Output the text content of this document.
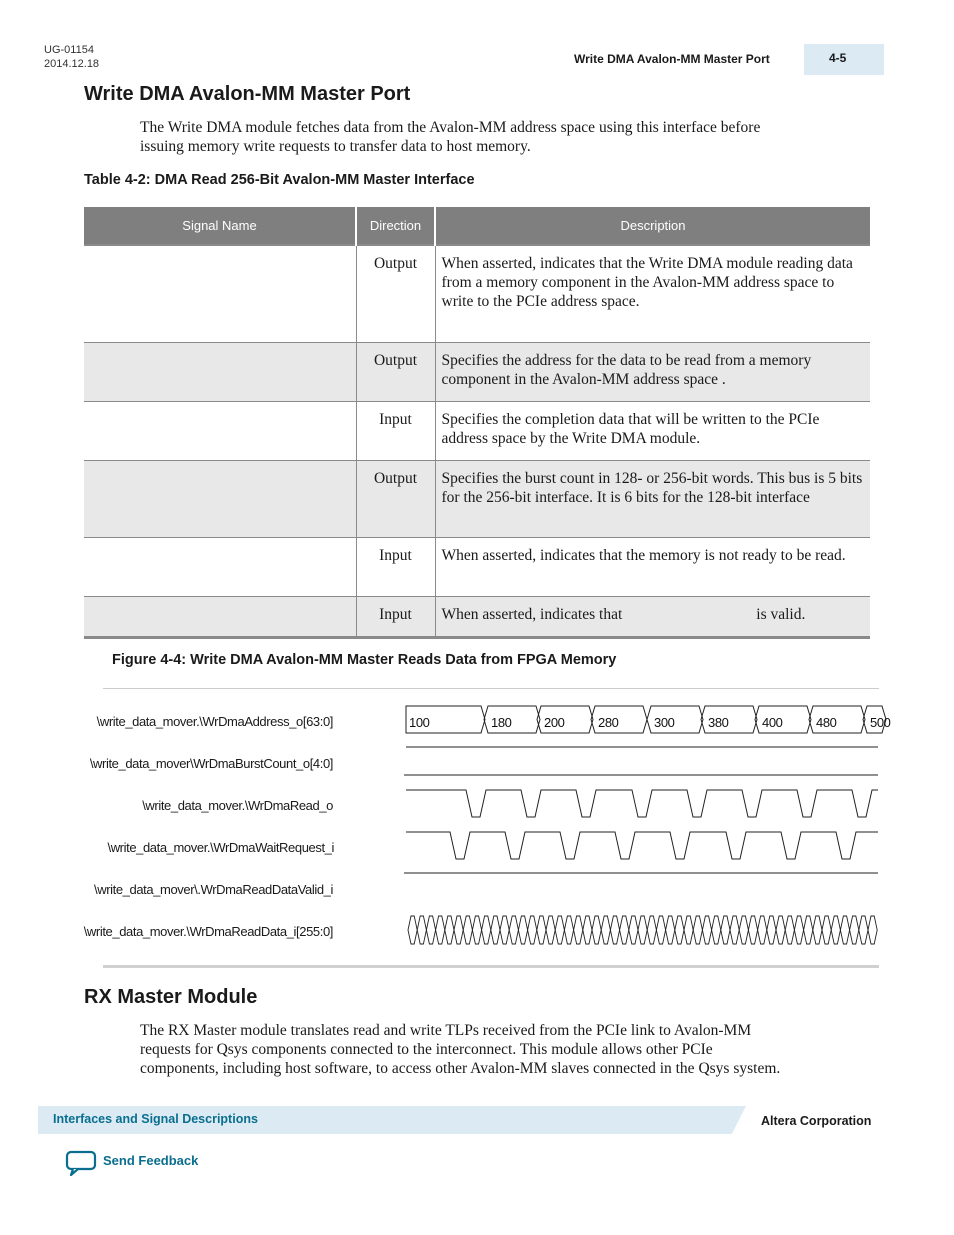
UG-01154
2014.12.18	Write DMA Avalon-MM Master Port	4-5
Write DMA Avalon-MM Master Port
The Write DMA module fetches data from the Avalon-MM address space using this interface before
issuing memory write requests to transfer data to host memory.
Table 4-2: DMA Read 256-Bit Avalon-MM Master Interface
Signal Name	Direction	Description
	Output	When asserted, indicates that the Write DMA module reading data from a memory component in the Avalon-MM address space to write to the PCIe address space.
	Output	Specifies the address for the data to be read from a memory component in the Avalon-MM address space .
	Input	Specifies the completion data that will be written to the PCIe address space by the Write DMA module.
	Output	Specifies the burst count in 128- or 256-bit words. This bus is 5 bits for the 256-bit interface. It is 6 bits for the 128-bit interface
	Input	When asserted, indicates that the memory is not ready to be read.
	Input	When asserted, indicates that is valid.
Figure 4-4: Write DMA Avalon-MM Master Reads Data from FPGA Memory
\write_data_mover.\WrDmaAddress_o[63:0]
\write_data_mover\WrDmaBurstCount_o[4:0]
\write_data_mover.\WrDmaRead_o
\write_data_mover.\WrDmaWaitRequest_i
\write_data_mover\.WrDmaReadDataValid_i
\write_data_mover.\WrDmaReadData_i[255:0]
100	180	200	280	300	380	400	480	500
RX Master Module
The RX Master module translates read and write TLPs received from the PCIe link to Avalon-MM
requests for Qsys components connected to the interconnect. This module allows other PCIe
components, including host software, to access other Avalon-MM slaves connected in the Qsys system.
Interfaces and Signal Descriptions	Altera Corporation
Send Feedback
